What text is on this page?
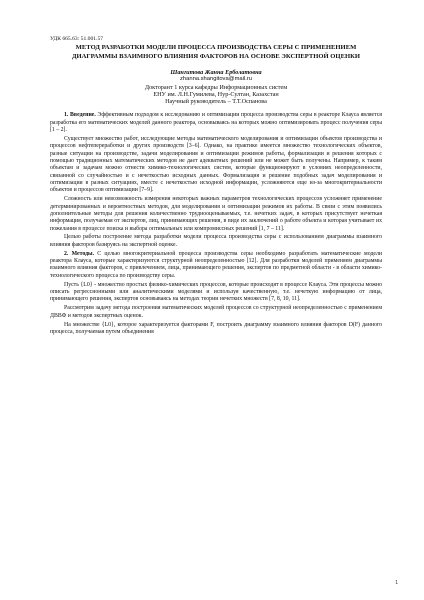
УДК 665.63: 51.001.57
МЕТОД РАЗРАБОТКИ МОДЕЛИ ПРОЦЕССА ПРОИЗВОДСТВА СЕРЫ С ПРИМЕНЕНИЕМ ДИАГРАММЫ ВЗАИМНОГО ВЛИЯНИЯ ФАКТОРОВ НА ОСНОВЕ ЭКСПЕРТНОЙ ОЦЕНКИ
Шангитова Жанна Ерболатовна
zhanna.shangitova@mail.ru
Докторант 1 курса кафедры Информационных систем
ЕНУ им. Л.Н.Гумилева, Нур-Султан, Казахстан
Научный руководитель – Т.Т.Оспанова
1. Введение. Эффективным подходом к исследованию и оптимизации процесса производства серы в реакторе Клауса является разработка его математических моделей данного реактора, основываясь на которых можно оптимизировать процесс получения серы [1 – 2].
Существует множество работ, исследующие методы математического моделирования и оптимизации объектов производства и процессов нефтепереработки и других производств [3–6]. Однако, на практике имеется множество технологических объектов, разные ситуации на производстве, задачи моделирования и оптимизации режимов работы, формализации и решения которых с помощью традиционных математических методов не дает адекватных решений или не может быть получены. Например, к таким объектам и задачам можно отнести химико-технологических систем, которые функционируют в условиях неопределенности, связанной со случайностью и с нечеткостью исходных данных. Формализация и решение подобных задач моделирования и оптимизации в разных ситуациях, вместе с нечеткостью исходной информации, усложняются еще из-за многокритериальности объектов и процессов оптимизации [7–9].
Сложность или невозможность измерения некоторых важных параметров технологических процессов усложняет применение детерминированных и вероятностных методов, для моделирования и оптимизации режимов их работы. В связи с этим появились дополнительные методы для решения количественно труднооценываемых, т.е. нечетких задач, в которых присутствует нечеткая информация, получаемая от экспертов, лиц, принимающих решения, в виде их заключений о работе объекта и которая учитывает их пожелания в процессе поиска и выбора оптимальных или компромиссных решений [1, 7 – 11].
Целью работы построение метода разработки модели процесса производства серы с использованием диаграммы взаимного влияния факторов базируясь на экспертной оценке.
2. Методы. С целью многокритериальной процесса производства серы необходимо разработать математические модели реактора Клауса, которые характеризуются структурной неопределенностью [12]. Для разработки моделей применяем диаграммы взаимного влияния факторов, с привлечением, лица, принимающего решения, экспертов по предметной области - в области химико-технологического процесса по производству серы.
Пусть {L0} - множество простых физико-химических процессов, которые происходят в процессе Клауса. Эти процессы можно описать регрессионными или аналитическими моделями и используя качественную, т.е. нечеткую информацию от лица, принимающего решения, экспертов основываясь на методах теории нечетких множеств [7, 8, 10, 11].
Рассмотрим задачу метода построения математических моделей процессов со структурной неопределенностью с применением ДВВФ и методов экспертных оценок.
На множестве {L0}, которое характеризуется факторами F, построить диаграмму взаимного влияния факторов D(F) данного процесса, получаемая путем объединения
1
